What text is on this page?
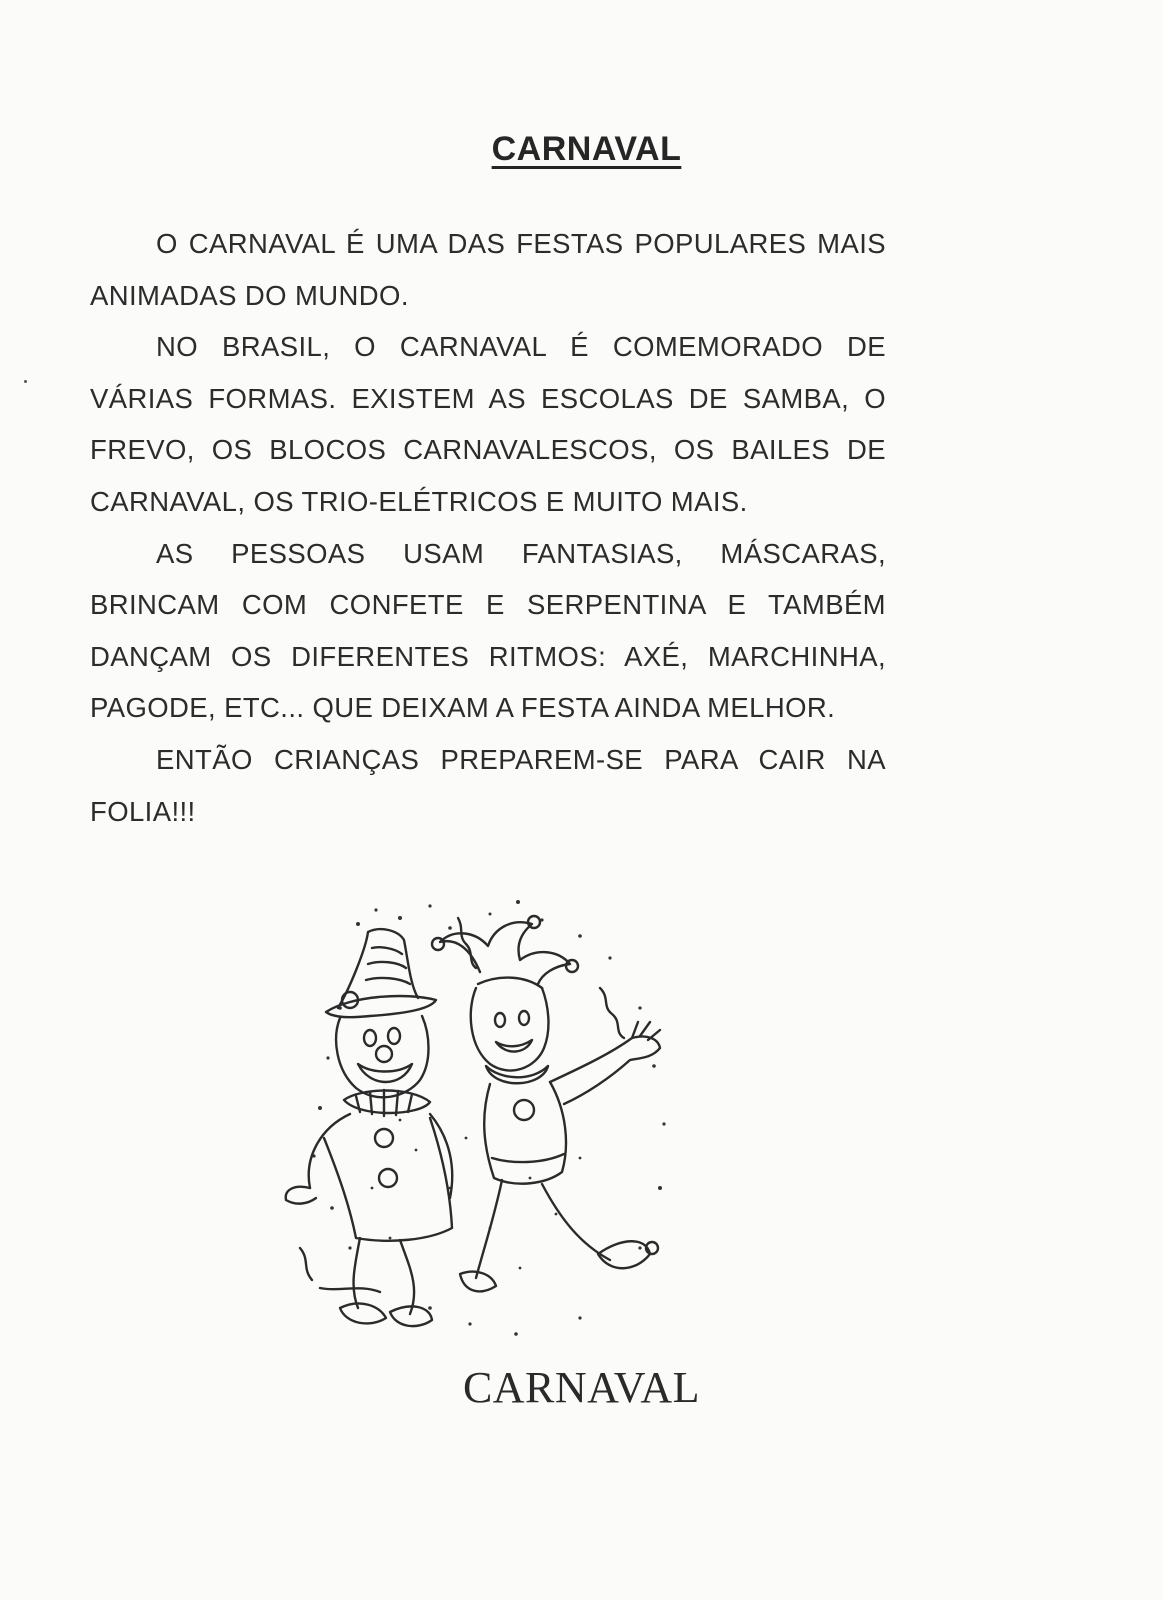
CARNAVAL

O CARNAVAL É UMA DAS FESTAS POPULARES MAIS ANIMADAS DO MUNDO.

NO BRASIL, O CARNAVAL É COMEMORADO DE VÁRIAS FORMAS. EXISTEM AS ESCOLAS DE SAMBA, O FREVO, OS BLOCOS CARNAVALESCOS, OS BAILES DE CARNAVAL, OS TRIO-ELÉTRICOS E MUITO MAIS.

AS PESSOAS USAM FANTASIAS, MÁSCARAS, BRINCAM COM CONFETE E SERPENTINA E TAMBÉM DANÇAM OS DIFERENTES RITMOS: AXÉ, MARCHINHA, PAGODE, ETC... QUE DEIXAM A FESTA AINDA MELHOR.

ENTÃO CRIANÇAS PREPAREM-SE PARA CAIR NA FOLIA!!!

CARNAVAL
